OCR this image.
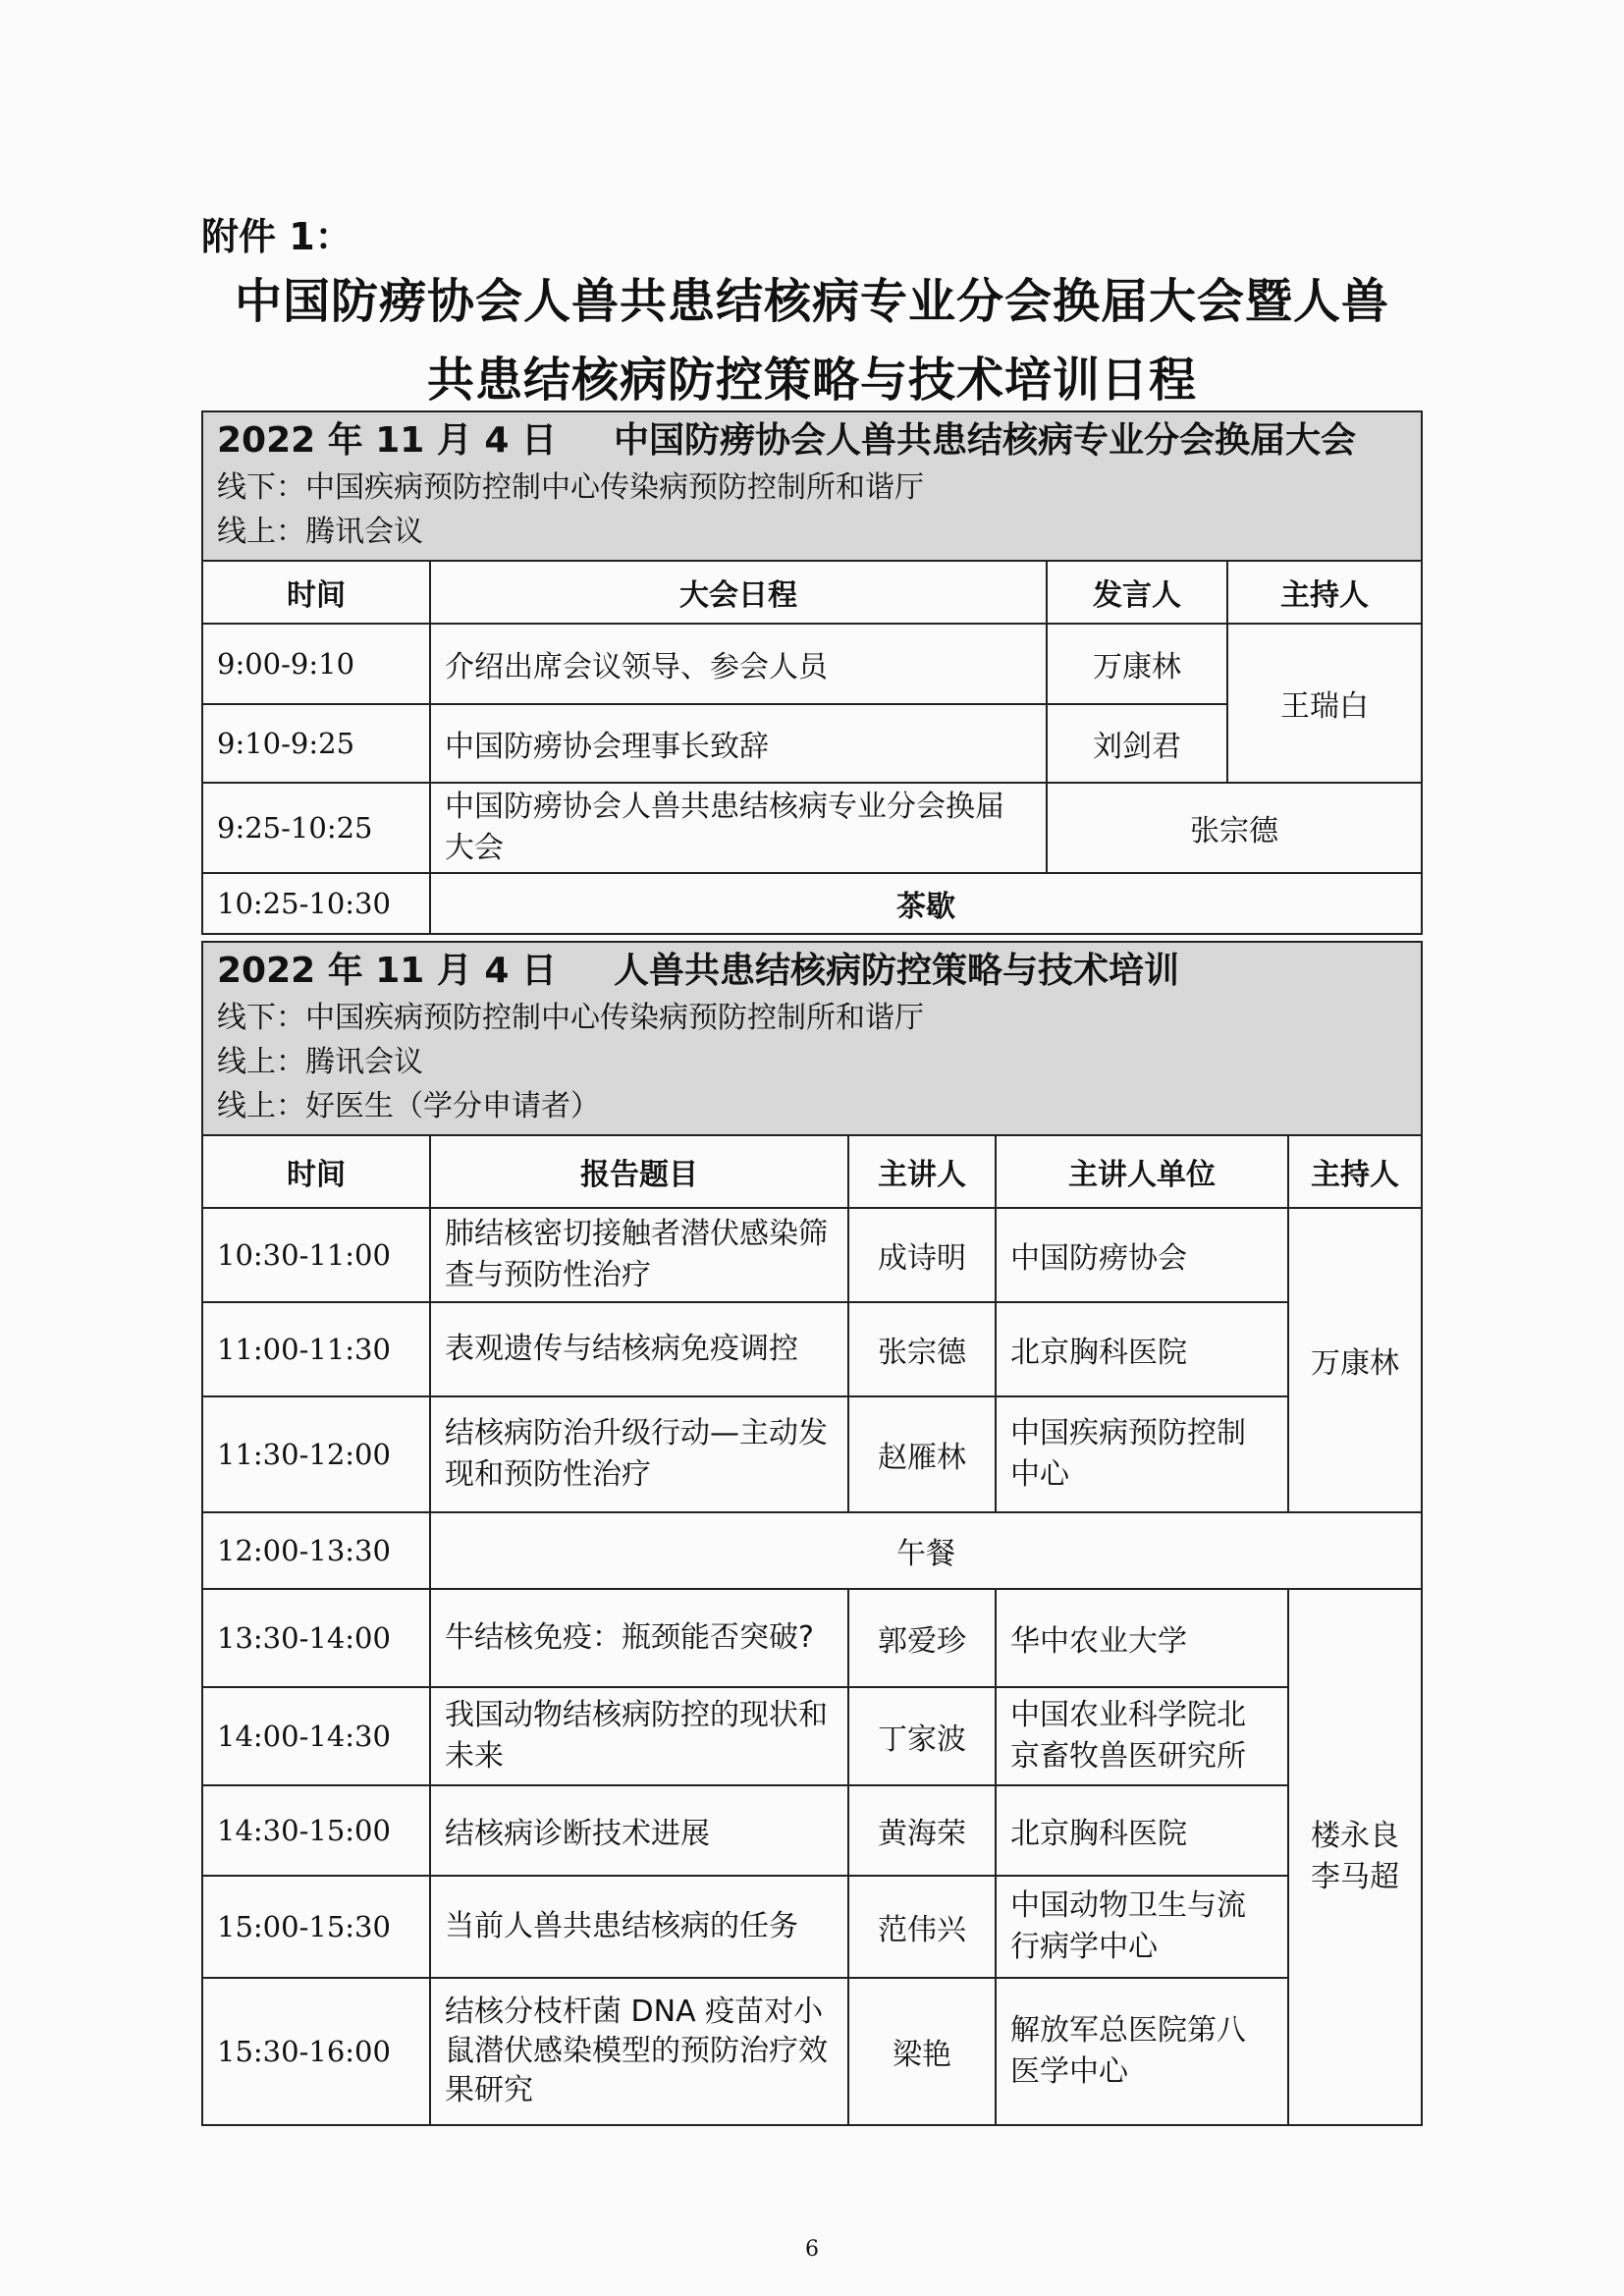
附件 1：
中国防痨协会人兽共患结核病专业分会换届大会暨人兽
共患结核病防控策略与技术培训日程
2022 年 11 月 4 日 中国防痨协会人兽共患结核病专业分会换届大会
线下：中国疾病预防控制中心传染病预防控制所和谐厅
线上：腾讯会议			

时间	大会日程	发言人	主持人
9:00-9:10	介绍出席会议领导、参会人员	万康林	王瑞白
9:10-9:25	中国防痨协会理事长致辞	刘剑君	
9:25-10:25	中国防痨协会人兽共患结核病专业分会换届大会	张宗德	
10:25-10:30	茶歇		
2022 年 11 月 4 日 人兽共患结核病防控策略与技术培训
线下：中国疾病预防控制中心传染病预防控制所和谐厅
线上：腾讯会议
线上：好医生（学分申请者）				

时间	报告题目	主讲人	主讲人单位	主持人
10:30-11:00	肺结核密切接触者潜伏感染筛查与预防性治疗	成诗明	中国防痨协会	万康林
11:00-11:30	表观遗传与结核病免疫调控	张宗德	北京胸科医院	
11:30-12:00	结核病防治升级行动—主动发现和预防性治疗	赵雁林	中国疾病预防控制中心	
12:00-13:30	午餐			
13:30-14:00	牛结核免疫：瓶颈能否突破?	郭爱珍	华中农业大学	楼永良
李马超

14:00-14:30	我国动物结核病防控的现状和未来	丁家波	中国农业科学院北京畜牧兽医研究所	
14:30-15:00	结核病诊断技术进展	黄海荣	北京胸科医院	
15:00-15:30	当前人兽共患结核病的任务	范伟兴	中国动物卫生与流行病学中心	
15:30-16:00	结核分枝杆菌 DNA 疫苗对小鼠潜伏感染模型的预防治疗效果研究	梁艳	解放军总医院第八医学中心	
6
